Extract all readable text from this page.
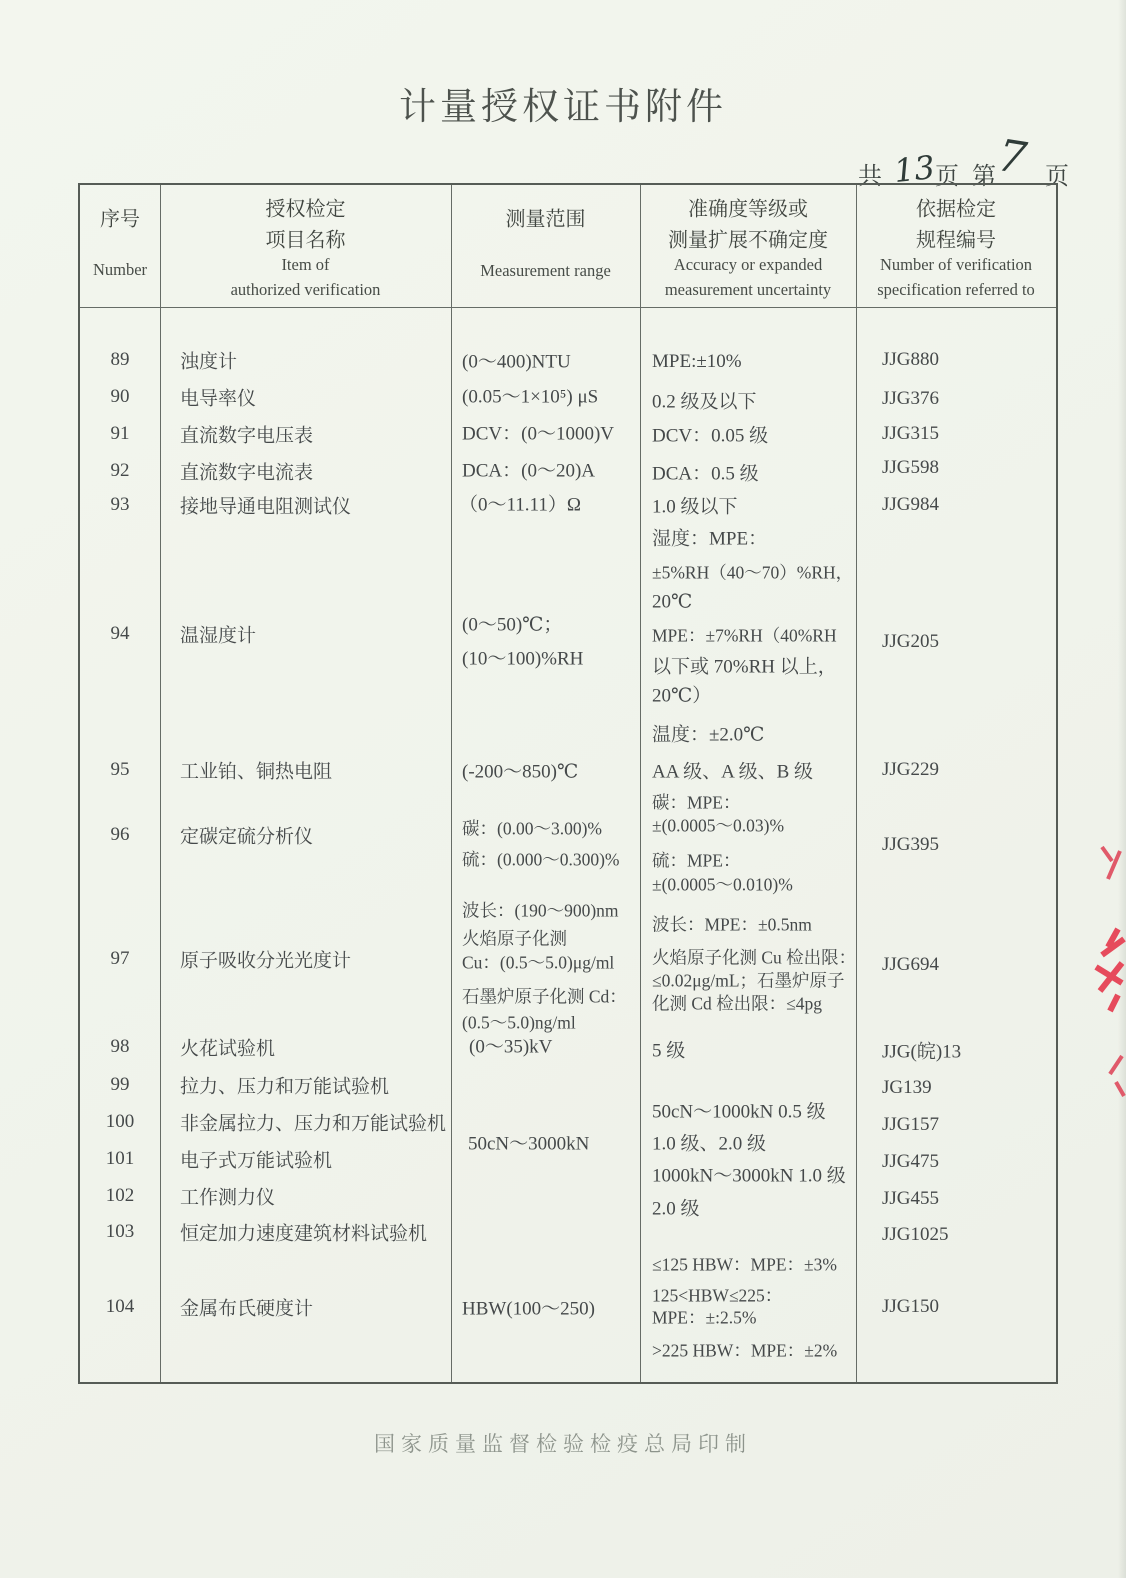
计量授权证书附件
共 13
页 第
7 页
序号
Number
授权检定
项目名称
Item of
authorized verification
测量范围
Measurement range
准确度等级或
测量扩展不确定度
Accuracy or expanded
measurement uncertainty
依据检定
规程编号
Number of verification
specification referred to
89
90
91
92
93
94
95
96
97
98
99
100
101
102
103
104
浊度计
电导率仪
直流数字电压表
直流数字电流表
接地导通电阻测试仪
温湿度计
工业铂、铜热电阻
定碳定硫分析仪
原子吸收分光光度计
火花试验机
拉力、压力和万能试验机
非金属拉力、压力和万能试验机
电子式万能试验机
工作测力仪
恒定加力速度建筑材料试验机
金属布氏硬度计
(0～400)NTU
(0.05～1×10⁵) μS
DCV：(0～1000)V
DCA：(0～20)A
（0～11.11）Ω
(0～50)℃；
(10～100)%RH
(-200～850)℃
碳：(0.00～3.00)%
硫：(0.000～0.300)%
波长：(190～900)nm
火焰原子化测
Cu：(0.5～5.0)μg/ml
石墨炉原子化测 Cd：
(0.5～5.0)ng/ml
(0～35)kV
50cN～3000kN
HBW(100～250)
MPE:±10%
0.2 级及以下
DCV：0.05 级
DCA：0.5 级
1.0 级以下
湿度：MPE：
±5%RH（40～70）%RH，
20℃
MPE：±7%RH（40%RH
以下或 70%RH 以上，
20℃）
温度：±2.0℃
AA 级、A 级、B 级
碳：MPE：
±(0.0005～0.03)%
硫：MPE：
±(0.0005～0.010)%
波长：MPE：±0.5nm
火焰原子化测 Cu 检出限：
≤0.02μg/mL；石墨炉原子
化测 Cd 检出限：≤4pg
5 级
50cN～1000kN 0.5 级
1.0 级、2.0 级
1000kN～3000kN 1.0 级
2.0 级
≤125 HBW：MPE：±3%
125<HBW≤225：
MPE：±:2.5%
>225 HBW：MPE：±2%
JJG880
JJG376
JJG315
JJG598
JJG984
JJG205
JJG229
JJG395
JJG694
JJG(皖)13
JG139
JJG157
JJG475
JJG455
JJG1025
JJG150
国家质量监督检验检疫总局印制
